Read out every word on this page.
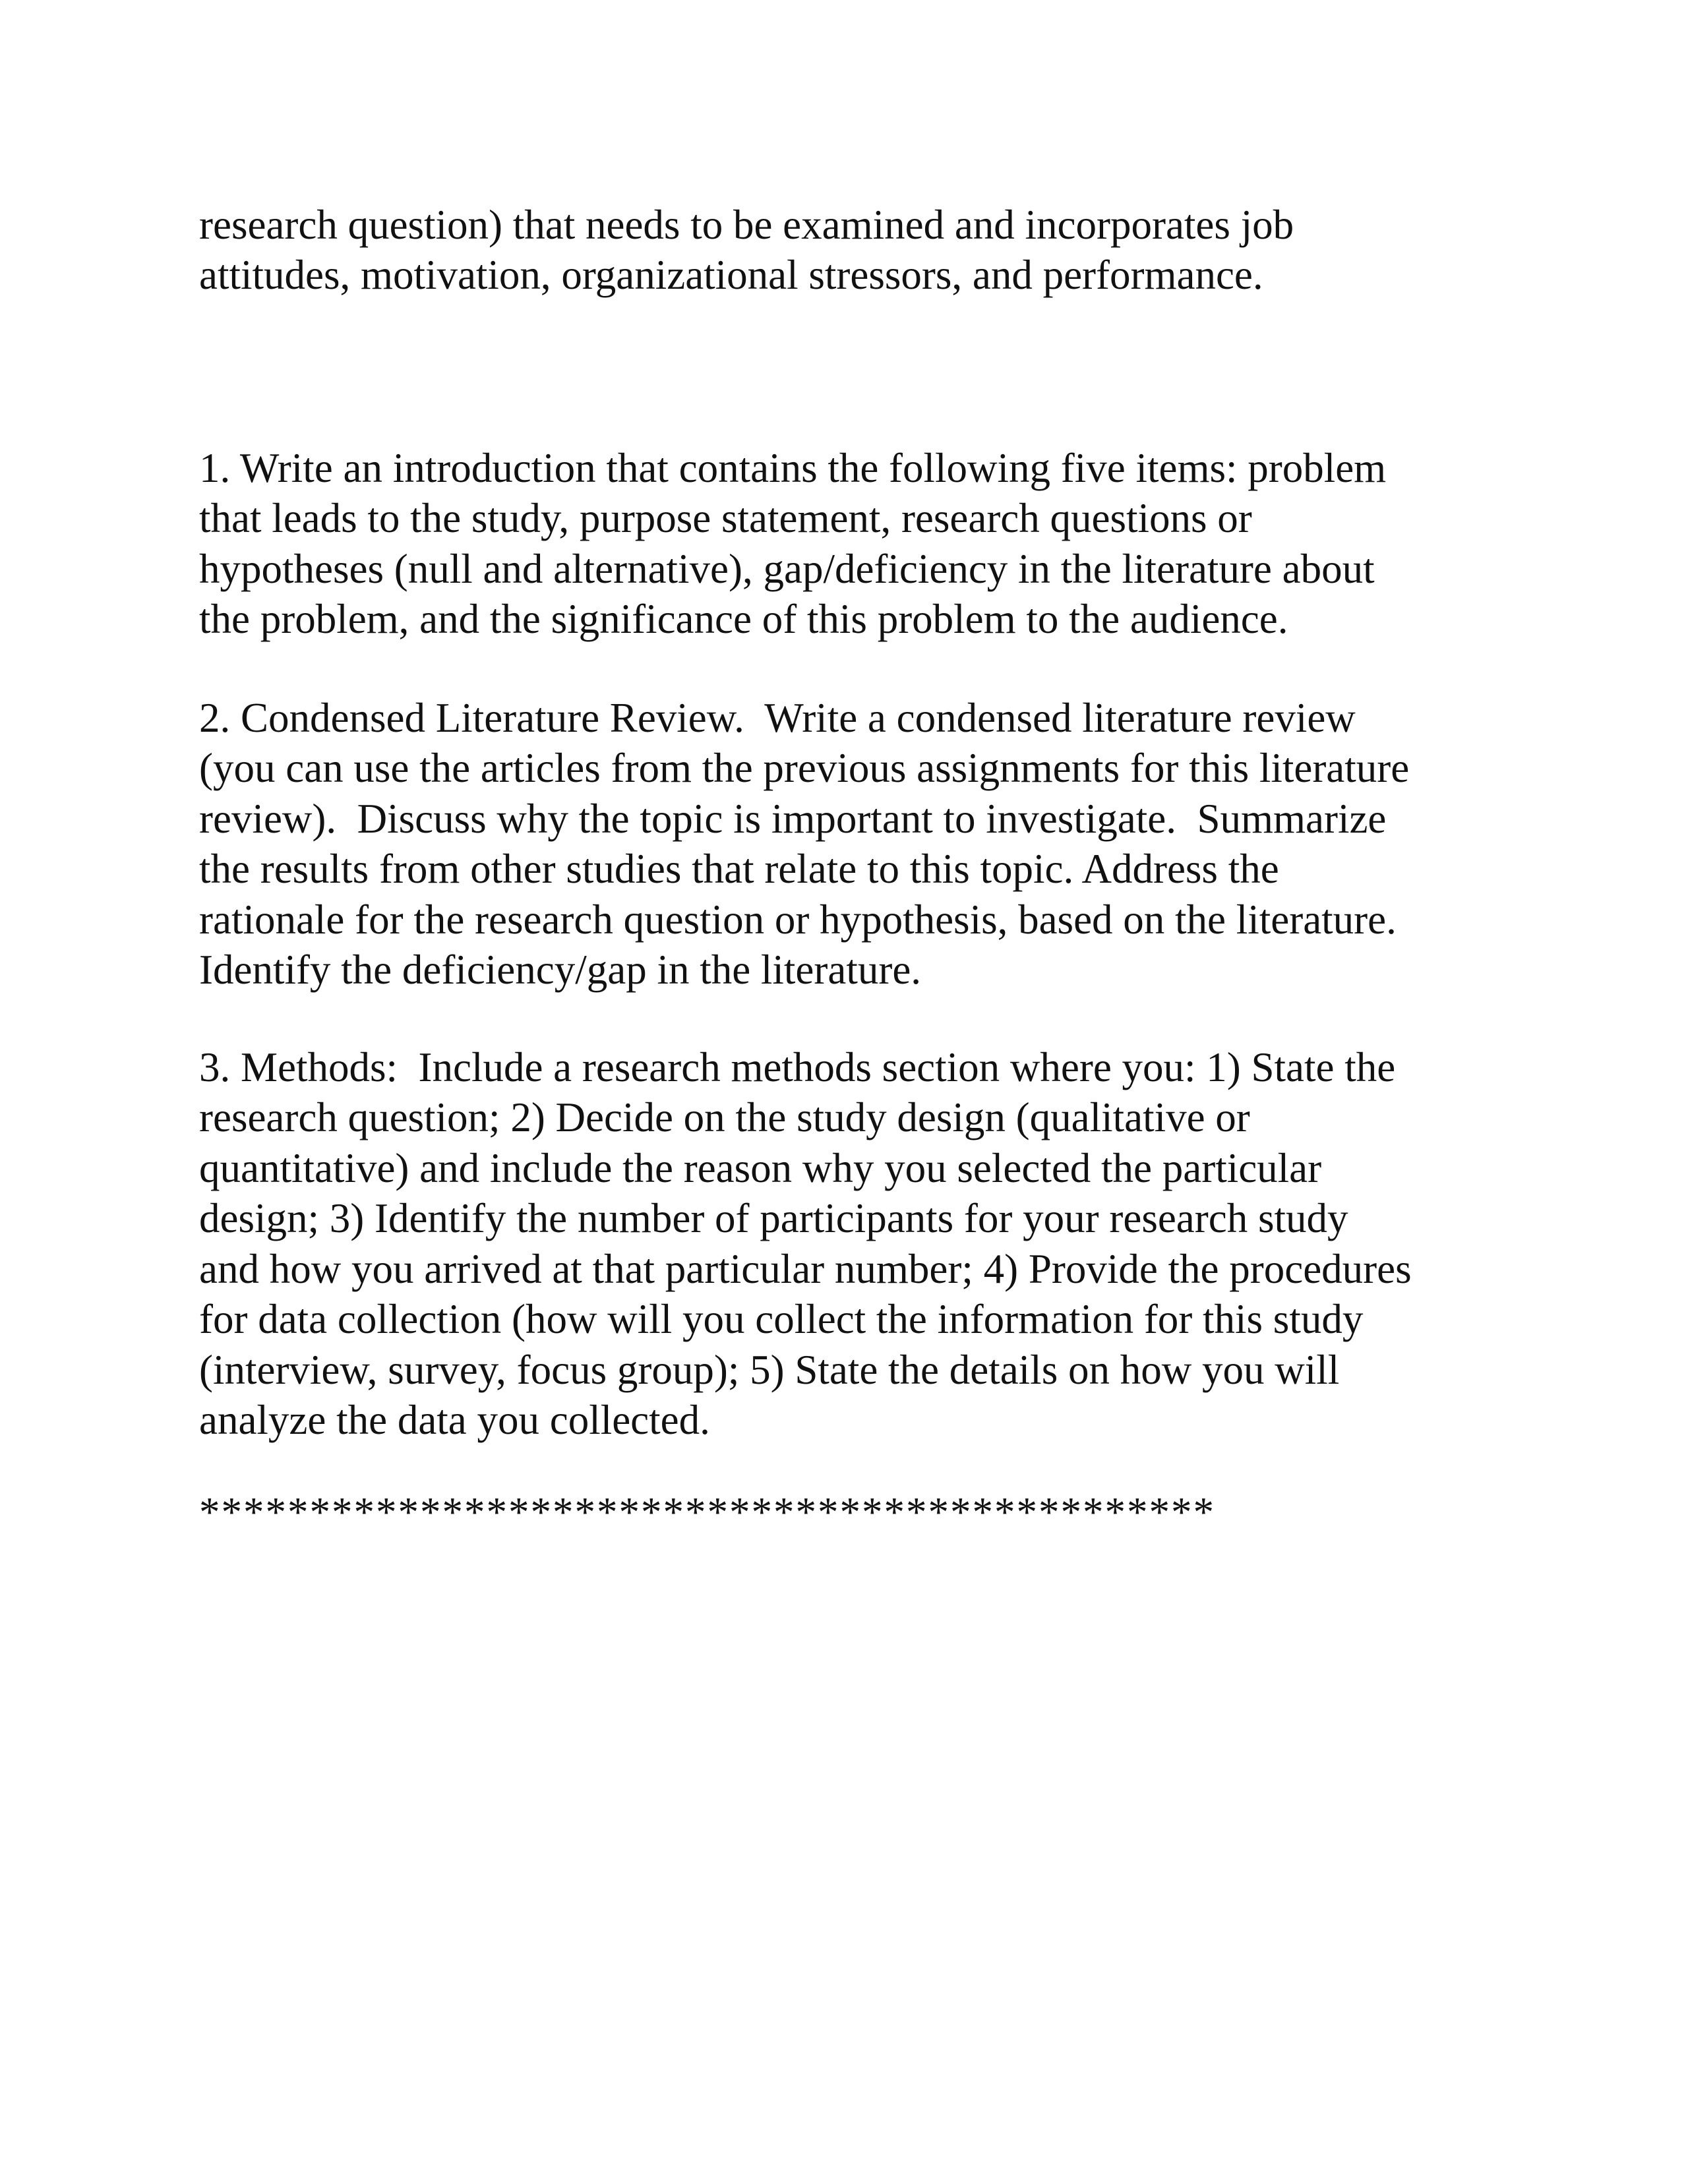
research question) that needs to be examined and incorporates job

attitudes, motivation, organizational stressors, and performance.

1. Write an introduction that contains the following five items: problem

that leads to the study, purpose statement, research questions or

hypotheses (null and alternative), gap/deficiency in the literature about

the problem, and the significance of this problem to the audience.

2. Condensed Literature Review.  Write a condensed literature review

(you can use the articles from the previous assignments for this literature

review).  Discuss why the topic is important to investigate.  Summarize

the results from other studies that relate to this topic. Address the

rationale for the research question or hypothesis, based on the literature.

Identify the deficiency/gap in the literature.

3. Methods:  Include a research methods section where you: 1) State the

research question; 2) Decide on the study design (qualitative or

quantitative) and include the reason why you selected the particular

design; 3) Identify the number of participants for your research study

and how you arrived at that particular number; 4) Provide the procedures

for data collection (how will you collect the information for this study

(interview, survey, focus group); 5) State the details on how you will

analyze the data you collected.

**********************************************
